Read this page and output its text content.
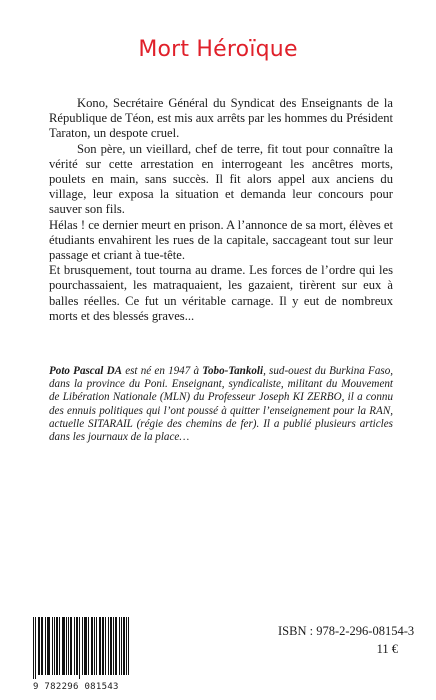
Mort Héroïque

Kono, Secrétaire Général du Syndicat des Enseignants de la République de Téon, est mis aux arrêts par les hommes du Président Taraton, un despote cruel.

Son père, un vieillard, chef de terre, fit tout pour connaître la vérité sur cette arrestation en interrogeant les ancêtres morts, poulets en main, sans succès. Il fit alors appel aux anciens du village, leur exposa la situation et demanda leur concours pour sauver son fils.

Hélas ! ce dernier meurt en prison. A l’annonce de sa mort, élèves et étudiants envahirent les rues de la capitale, saccageant tout sur leur passage et criant à tue-tête.

Et brusquement, tout tourna au drame. Les forces de l’ordre qui les pourchassaient, les matraquaient, les gazaient, tirèrent sur eux à balles réelles. Ce fut un véritable carnage. Il y eut de nombreux morts et des blessés graves...

Poto Pascal DA est né en 1947 à Tobo-Tankoli, sud-ouest du Burkina Faso, dans la province du Poni. Enseignant, syndicaliste, militant du Mouvement de Libération Nationale (MLN) du Professeur Joseph KI ZERBO, il a connu des ennuis politiques qui l’ont poussé à quitter l’enseignement pour la RAN, actuelle SITARAIL (régie des chemins de fer). Il a publié plusieurs articles dans les journaux de la place…
9 782296 081543
ISBN : 978-2-296-08154-3
11 €
